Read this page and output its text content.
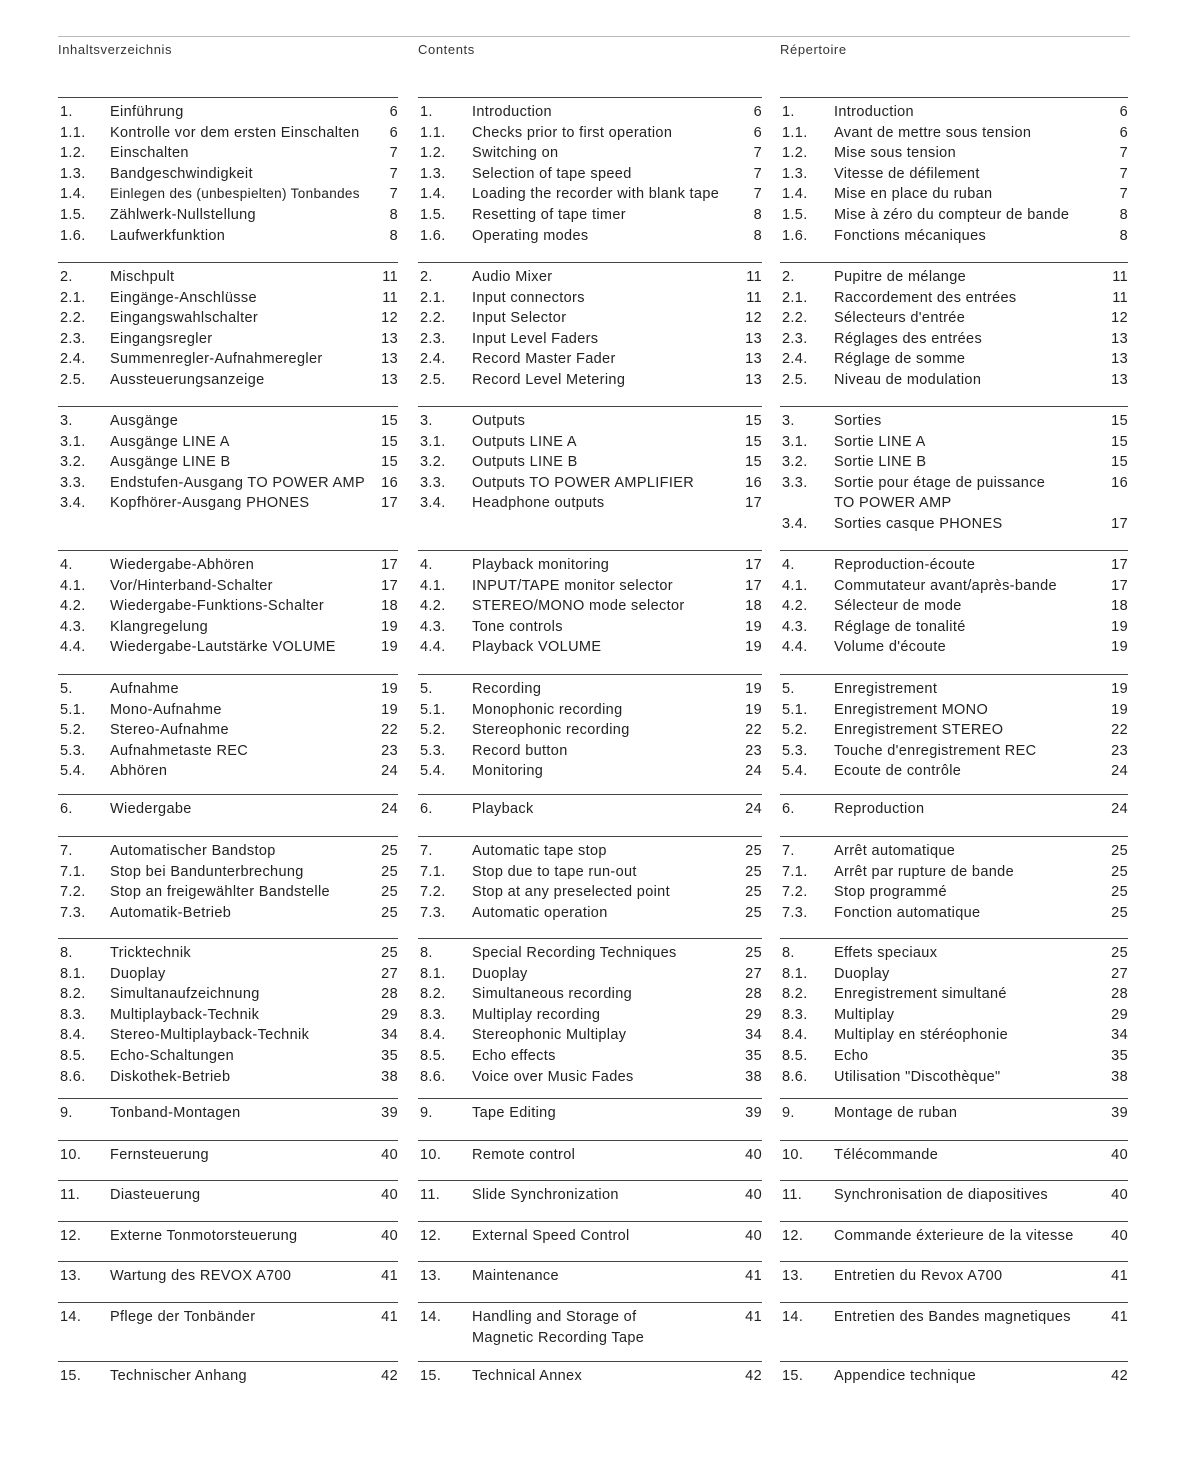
Inhaltsverzeichnis
1.	Einführung	6
1.1. Kontrolle vor dem ersten Einschalten 6
1.2. Einschalten	7
1.3. Bandgeschwindigkeit	7
1.4. Einlegen des (unbespielten) Tonbandes 7
1.5. Zählwerk-Nullstellung	8
1.6. Laufwerkfunktion	8
2.	Mischpult	11
2.1. Eingänge-Anschlüsse	11
2.2. Eingangswahlschalter	12
2.3. Eingangsregler	13
2.4. Summenregler-Aufnahmeregler	13
2.5. Aussteuerungsanzeige	13
3.	Ausgänge	15
3.1. Ausgänge LINE A	15
3.2. Ausgänge LINE B	15
3.3. Endstufen-Ausgang TO POWER AMP 16
3.4. Kopfhörer-Ausgang PHONES	17
4.	Wiedergabe-Abhören	17
4.1. Vor/Hinterband-Schalter	17
4.2. Wiedergabe-Funktions-Schalter	18
4.3. Klangregelung	19
4.4. Wiedergabe-Lautstärke VOLUME	19
5.	Aufnahme	19
5.1. Mono-Aufnahme	19
5.2. Stereo-Aufnahme	22
5.3. Aufnahmetaste REC	23
5.4. Abhören	24
6.	Wiedergabe	24
7.	Automatischer Bandstop	25
7.1. Stop bei Bandunterbrechung	25
7.2. Stop an freigewählter Bandstelle	25
7.3. Automatik-Betrieb	25
8.	Tricktechnik	25
8.1. Duoplay	27
8.2. Simultanaufzeichnung	28
8.3. Multiplayback-Technik	29
8.4. Stereo-Multiplayback-Technik	34
8.5. Echo-Schaltungen	35
8.6. Diskothek-Betrieb	38
9.	Tonband-Montagen	39
10. Fernsteuerung	40
11. Diasteuerung	40
12. Externe Tonmotorsteuerung	40
13. Wartung des REVOX A700	41
14. Pflege der Tonbänder	41
15. Technischer Anhang	42
Contents
1.	Introduction	6
1.1. Checks prior to first operation	6
1.2. Switching on	7
1.3. Selection of tape speed	7
1.4. Loading the recorder with blank tape 7
1.5. Resetting of tape timer	8
1.6. Operating modes	8
2.	Audio Mixer	11
2.1. Input connectors	11
2.2. Input Selector	12
2.3. Input Level Faders	13
2.4. Record Master Fader	13
2.5. Record Level Metering	13
3.	Outputs	15
3.1. Outputs LINE A	15
3.2. Outputs LINE B	15
3.3. Outputs TO POWER AMPLIFIER	16
3.4. Headphone outputs	17
4.	Playback monitoring	17
4.1. INPUT/TAPE monitor selector	17
4.2. STEREO/MONO mode selector	18
4.3. Tone controls	19
4.4. Playback VOLUME	19
5.	Recording	19
5.1. Monophonic recording	19
5.2. Stereophonic recording	22
5.3. Record button	23
5.4. Monitoring	24
6.	Playback	24
7.	Automatic tape stop	25
7.1. Stop due to tape run-out	25
7.2. Stop at any preselected point	25
7.3. Automatic operation	25
8.	Special Recording Techniques	25
8.1. Duoplay	27
8.2. Simultaneous recording	28
8.3. Multiplay recording	29
8.4. Stereophonic Multiplay	34
8.5. Echo effects	35
8.6. Voice over Music Fades	38
9.	Tape Editing	39
10. Remote control	40
11. Slide Synchronization	40
12. External Speed Control	40
13. Maintenance	41
14. Handling and Storage of	41
Magnetic Recording Tape
15. Technical Annex	42
Répertoire
1.	Introduction	6
1.1. Avant de mettre sous tension	6
1.2. Mise sous tension	7
1.3. Vitesse de défilement	7
1.4. Mise en place du ruban	7
1.5. Mise à zéro du compteur de bande	8
1.6. Fonctions mécaniques	8
2.	Pupitre de mélange	11
2.1. Raccordement des entrées	11
2.2. Sélecteurs d'entrée	12
2.3. Réglages des entrées	13
2.4. Réglage de somme	13
2.5. Niveau de modulation	13
3.	Sorties	15
3.1. Sortie LINE A	15
3.2. Sortie LINE B	15
3.3. Sortie pour étage de puissance	16
TO POWER AMP
3.4. Sorties casque PHONES	17
4.	Reproduction-écoute	17
4.1. Commutateur avant/après-bande	17
4.2. Sélecteur de mode	18
4.3. Réglage de tonalité	19
4.4. Volume d'écoute	19
5.	Enregistrement	19
5.1. Enregistrement MONO	19
5.2. Enregistrement STEREO	22
5.3. Touche d'enregistrement REC	23
5.4. Ecoute de contrôle	24
6.	Reproduction	24
7.	Arrêt automatique	25
7.1. Arrêt par rupture de bande	25
7.2. Stop programmé	25
7.3. Fonction automatique	25
8.	Effets speciaux	25
8.1. Duoplay	27
8.2. Enregistrement simultané	28
8.3. Multiplay	29
8.4. Multiplay en stéréophonie	34
8.5. Echo	35
8.6. Utilisation "Discothèque"	38
9.	Montage de ruban	39
10. Télécommande	40
11. Synchronisation de diapositives	40
12. Commande éxterieure de la vitesse	40
13. Entretien du Revox A700	41
14. Entretien des Bandes magnetiques	41
15. Appendice technique	42
